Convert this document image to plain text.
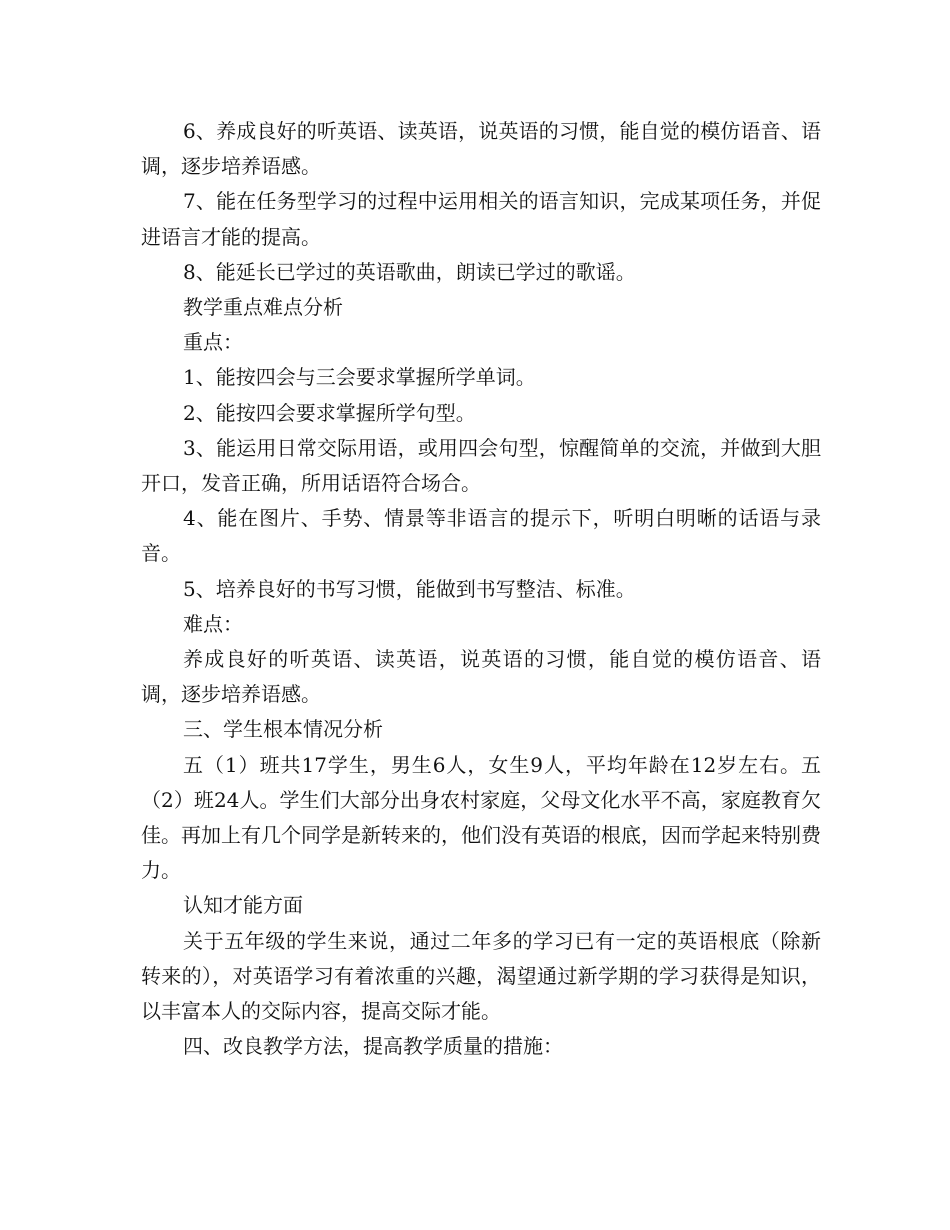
6、养成良好的听英语、读英语，说英语的习惯，能自觉的模仿语音、语调，逐步培养语感。

7、能在任务型学习的过程中运用相关的语言知识，完成某项任务，并促进语言才能的提高。

8、能延长已学过的英语歌曲，朗读已学过的歌谣。

教学重点难点分析

重点：

1、能按四会与三会要求掌握所学单词。

2、能按四会要求掌握所学句型。

3、能运用日常交际用语，或用四会句型，惊醒简单的交流，并做到大胆开口，发音正确，所用话语符合场合。

4、能在图片、手势、情景等非语言的提示下，听明白明晰的话语与录音。

5、培养良好的书写习惯，能做到书写整洁、标准。

难点：

养成良好的听英语、读英语，说英语的习惯，能自觉的模仿语音、语调，逐步培养语感。

三、学生根本情况分析

五（1）班共17学生，男生6人，女生9人，平均年龄在12岁左右。五（2）班24人。学生们大部分出身农村家庭，父母文化水平不高，家庭教育欠佳。再加上有几个同学是新转来的，他们没有英语的根底，因而学起来特别费力。

认知才能方面

关于五年级的学生来说，通过二年多的学习已有一定的英语根底（除新转来的），对英语学习有着浓重的兴趣，渴望通过新学期的学习获得是知识，以丰富本人的交际内容，提高交际才能。

四、改良教学方法，提高教学质量的措施：
